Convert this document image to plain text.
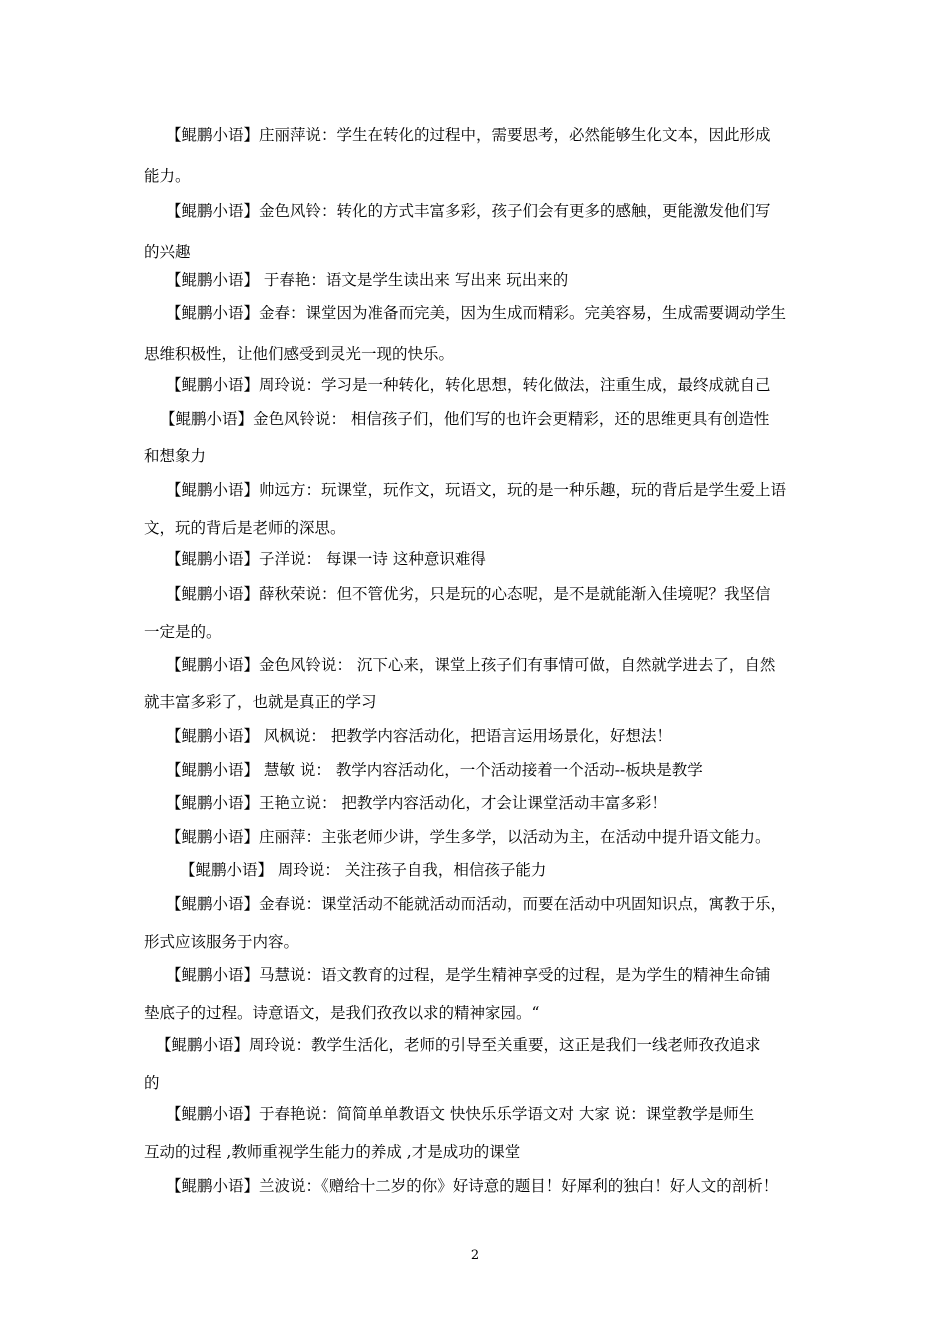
【鲲鹏小语】庄丽萍说：学生在转化的过程中，需要思考，必然能够生化文本，因此形成
能力。
【鲲鹏小语】金色风铃：转化的方式丰富多彩，孩子们会有更多的感触，更能激发他们写
的兴趣
【鲲鹏小语】 于春艳：语文是学生读出来 写出来 玩出来的
【鲲鹏小语】金春：课堂因为准备而完美，因为生成而精彩。完美容易，生成需要调动学生
思维积极性，让他们感受到灵光一现的快乐。
【鲲鹏小语】周玲说：学习是一种转化，转化思想，转化做法，注重生成，最终成就自己
【鲲鹏小语】金色风铃说： 相信孩子们，他们写的也许会更精彩，还的思维更具有创造性
和想象力
【鲲鹏小语】帅远方：玩课堂，玩作文，玩语文，玩的是一种乐趣，玩的背后是学生爱上语
文，玩的背后是老师的深思。
【鲲鹏小语】子洋说： 每课一诗 这种意识难得
【鲲鹏小语】薛秋荣说：但不管优劣，只是玩的心态呢，是不是就能渐入佳境呢？我坚信
一定是的。
【鲲鹏小语】金色风铃说： 沉下心来，课堂上孩子们有事情可做，自然就学进去了，自然
就丰富多彩了，也就是真正的学习
【鲲鹏小语】 风枫说： 把教学内容活动化，把语言运用场景化，好想法！
【鲲鹏小语】 慧敏 说： 教学内容活动化，一个活动接着一个活动--板块是教学
【鲲鹏小语】王艳立说： 把教学内容活动化，才会让课堂活动丰富多彩！
【鲲鹏小语】庄丽萍：主张老师少讲，学生多学，以活动为主，在活动中提升语文能力。
【鲲鹏小语】 周玲说： 关注孩子自我，相信孩子能力
【鲲鹏小语】金春说：课堂活动不能就活动而活动，而要在活动中巩固知识点，寓教于乐，
形式应该服务于内容。
【鲲鹏小语】马慧说：语文教育的过程，是学生精神享受的过程，是为学生的精神生命铺
垫底子的过程。诗意语文，是我们孜孜以求的精神家园。“
【鲲鹏小语】周玲说：教学生活化，老师的引导至关重要，这正是我们一线老师孜孜追求
的
【鲲鹏小语】于春艳说：简简单单教语文 快快乐乐学语文对 大家 说：课堂教学是师生
互动的过程 ,教师重视学生能力的养成 ,才是成功的课堂
【鲲鹏小语】兰波说：《赠给十二岁的你》好诗意的题目！好犀利的独白！好人文的剖析！
2
